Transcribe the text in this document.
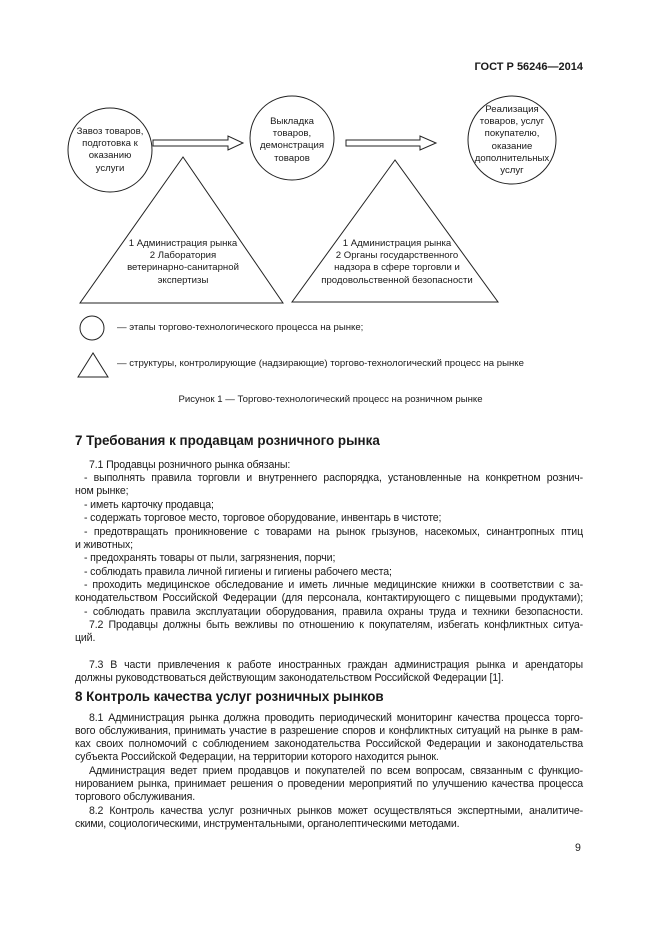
ГОСТ Р 56246—2014
Завоз товаров,
подготовка к
оказанию
услуги
Выкладка
товаров,
демонстрация
товаров
Реализация
товаров, услуг
покупателю,
оказание
дополнительных
услуг
1 Администрация рынка
2 Лаборатория
ветеринарно-санитарной
экспертизы
1 Администрация рынка
2 Органы государственного
надзора в сфере торговли и
продовольственной безопасности
— этапы торгово-технологического процесса на рынке;
— структуры, контролирующие (надзирающие) торгово-технологический процесс на рынке
Рисунок 1 — Торгово-технологический процесс на розничном рынке
7 Требования к продавцам розничного рынка
7.1 Продавцы розничного рынка обязаны:
- выполнять правила торговли и внутреннего распорядка, установленные на конкретном рознич-
ном рынке;
- иметь карточку продавца;
- содержать торговое место, торговое оборудование, инвентарь в чистоте;
- предотвращать проникновение с товарами на рынок грызунов, насекомых, синантропных птиц
и животных;
- предохранять товары от пыли, загрязнения, порчи;
- соблюдать правила личной гигиены и гигиены рабочего места;
- проходить медицинское обследование и иметь личные медицинские книжки в соответствии с за-
конодательством Российской Федерации (для персонала, контактирующего с пищевыми продуктами);
- соблюдать правила эксплуатации оборудования, правила охраны труда и техники безопасности.
7.2 Продавцы должны быть вежливы по отношению к покупателям, избегать конфликтных ситуа-
ций.
7.3 В части привлечения к работе иностранных граждан администрация рынка и арендаторы
должны руководствоваться действующим законодательством Российской Федерации [1].
8 Контроль качества услуг розничных рынков
8.1 Администрация рынка должна проводить периодический мониторинг качества процесса торго-
вого обслуживания, принимать участие в разрешение споров и конфликтных ситуаций на рынке в рам-
ках своих полномочий с соблюдением законодательства Российской Федерации и законодательства
субъекта Российской Федерации, на территории которого находится рынок.
Администрация ведет прием продавцов и покупателей по всем вопросам, связанным с функцио-
нированием рынка, принимает решения о проведении мероприятий по улучшению качества процесса
торгового обслуживания.
8.2 Контроль качества услуг розничных рынков может осуществляться экспертными, аналитиче-
скими, социологическими, инструментальными, органолептическими методами.
9
